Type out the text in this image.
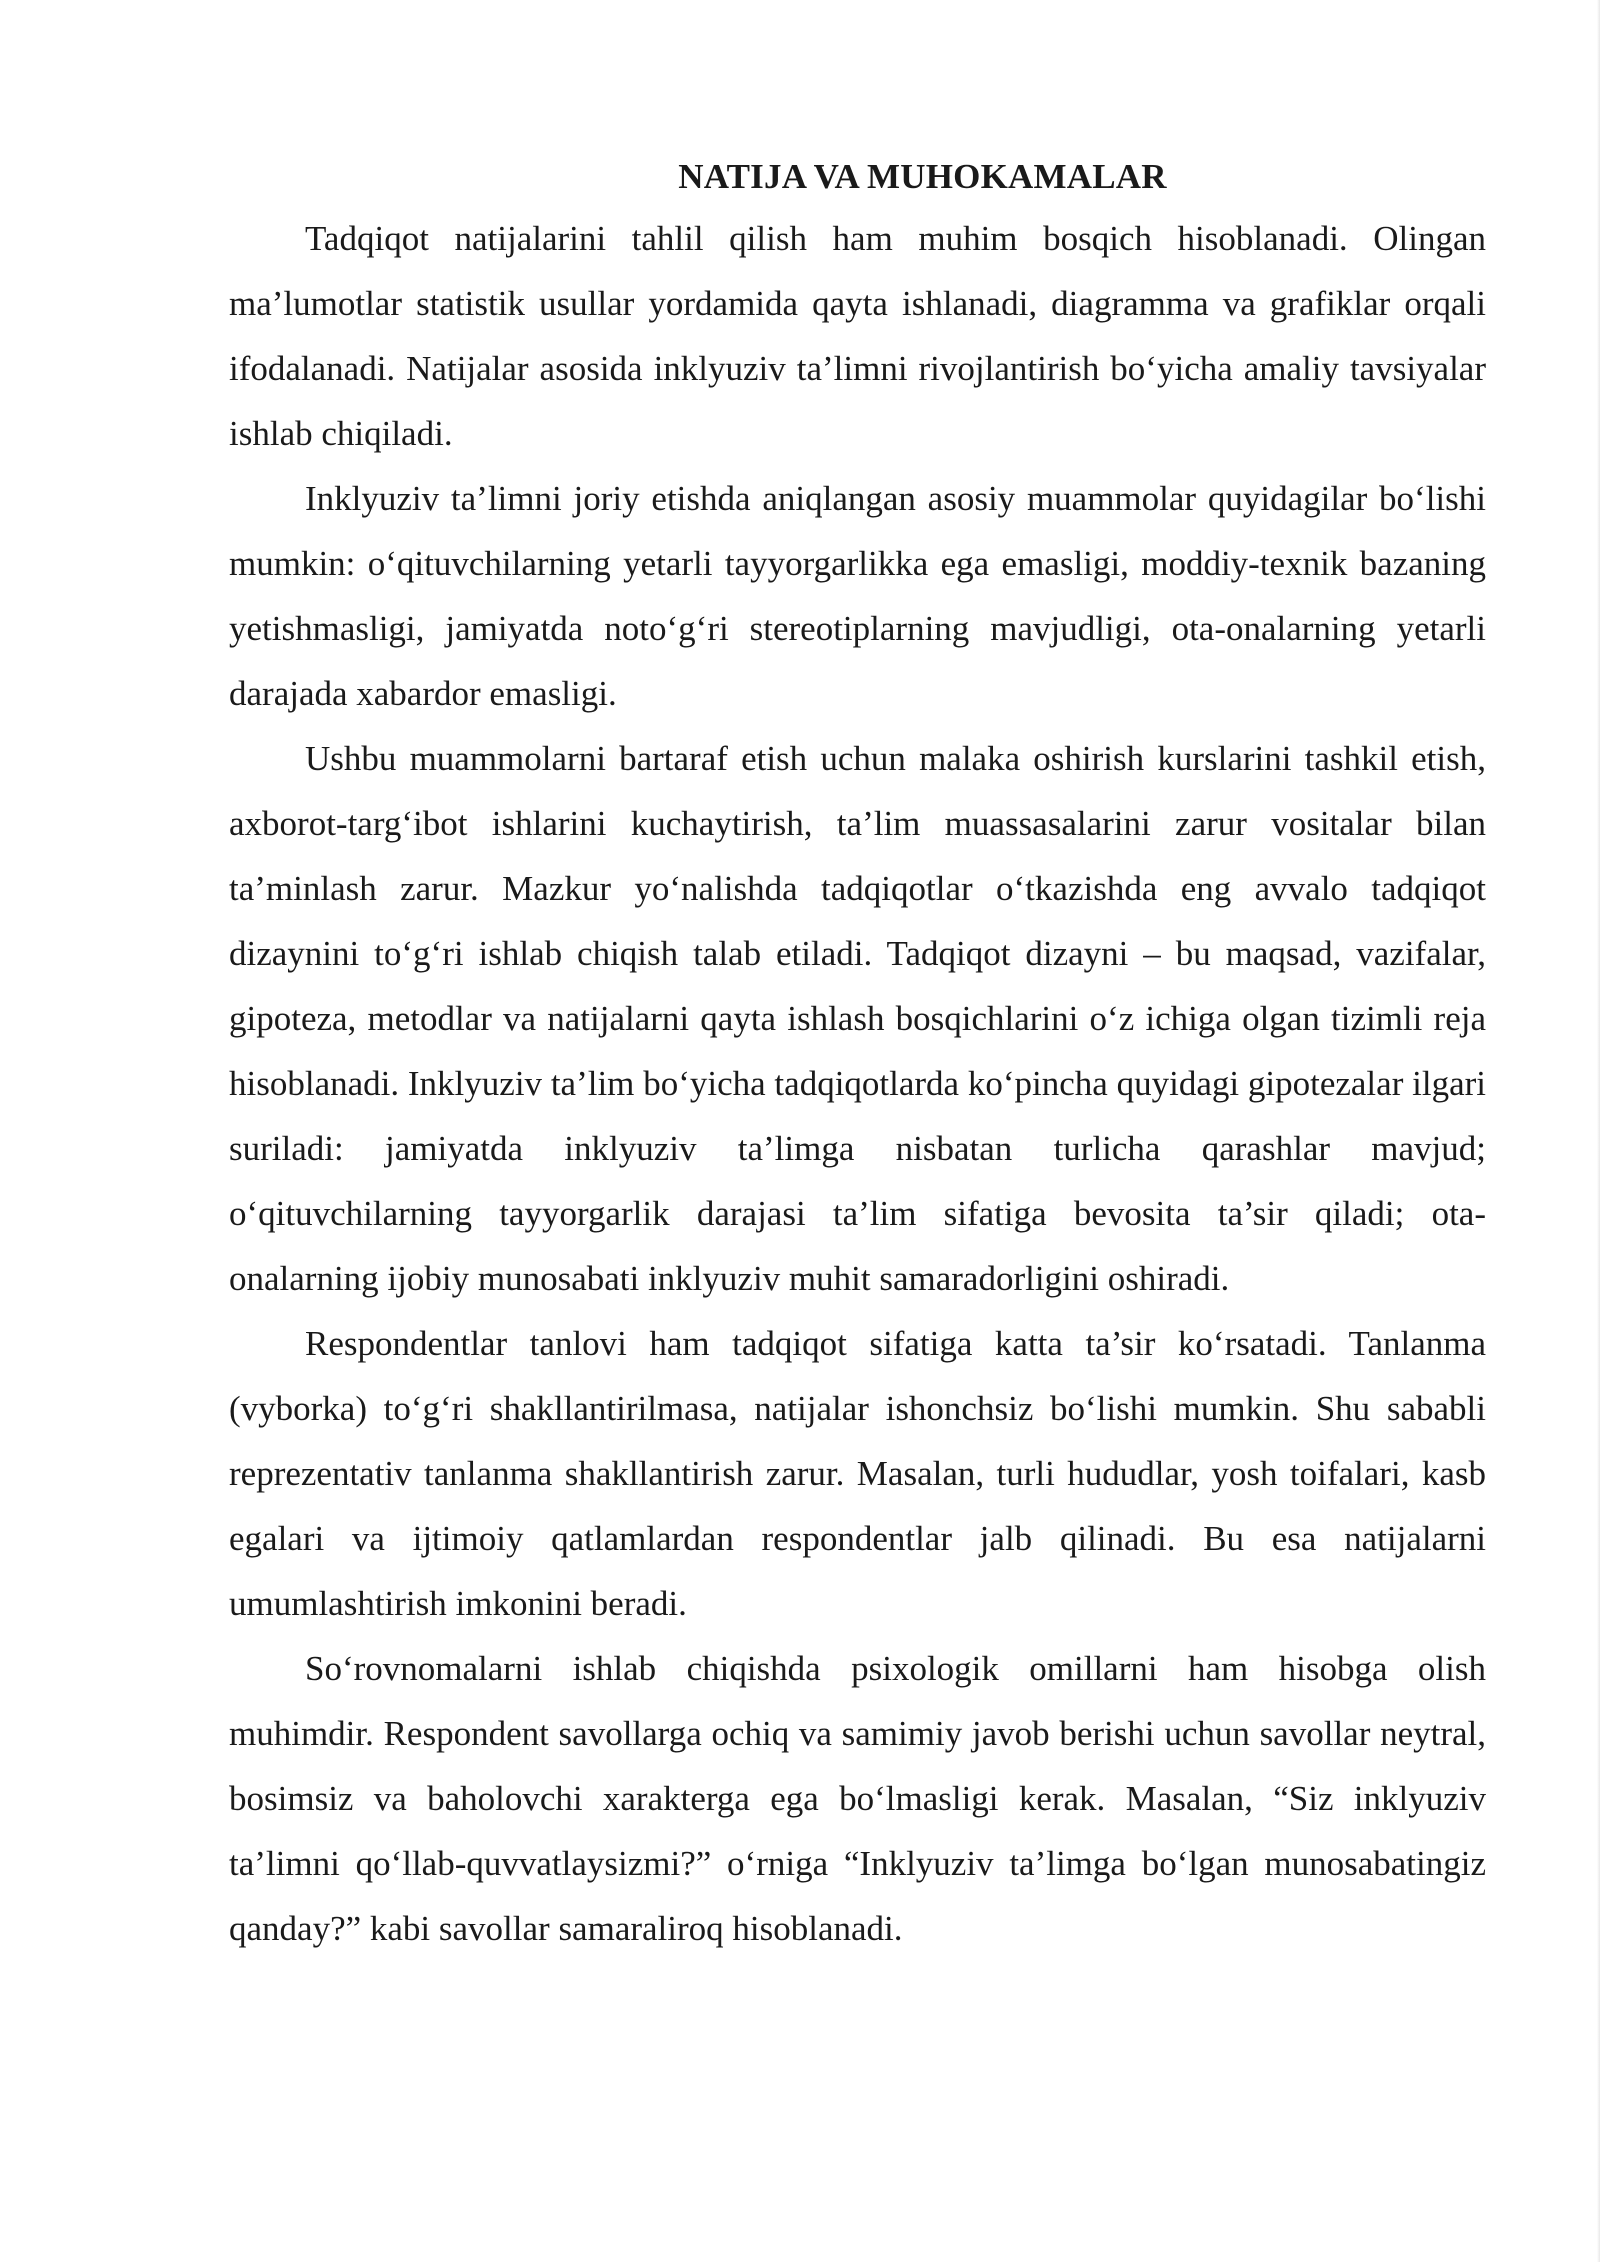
NATIJA VA MUHOKAMALAR

Tadqiqot natijalarini tahlil qilish ham muhim bosqich hisoblanadi. Olingan ma’lumotlar statistik usullar yordamida qayta ishlanadi, diagramma va grafiklar orqali ifodalanadi. Natijalar asosida inklyuziv ta’limni rivojlantirish bo‘yicha amaliy tavsiyalar ishlab chiqiladi.

Inklyuziv ta’limni joriy etishda aniqlangan asosiy muammolar quyidagilar bo‘lishi mumkin: o‘qituvchilarning yetarli tayyorgarlikka ega emasligi, moddiy-texnik bazaning yetishmasligi, jamiyatda noto‘g‘ri stereotiplarning mavjudligi, ota-onalarning yetarli darajada xabardor emasligi.

Ushbu muammolarni bartaraf etish uchun malaka oshirish kurslarini tashkil etish, axborot-targ‘ibot ishlarini kuchaytirish, ta’lim muassasalarini zarur vositalar bilan ta’minlash zarur. Mazkur yo‘nalishda tadqiqotlar o‘tkazishda eng avvalo tadqiqot dizaynini to‘g‘ri ishlab chiqish talab etiladi. Tadqiqot dizayni – bu maqsad, vazifalar, gipoteza, metodlar va natijalarni qayta ishlash bosqichlarini o‘z ichiga olgan tizimli reja hisoblanadi. Inklyuziv ta’lim bo‘yicha tadqiqotlarda ko‘pincha quyidagi gipotezalar ilgari suriladi: jamiyatda inklyuziv ta’limga nisbatan turlicha qarashlar mavjud; o‘qituvchilarning tayyorgarlik darajasi ta’lim sifatiga bevosita ta’sir qiladi; ota-onalarning ijobiy munosabati inklyuziv muhit samaradorligini oshiradi.

Respondentlar tanlovi ham tadqiqot sifatiga katta ta’sir ko‘rsatadi. Tanlanma (vyborka) to‘g‘ri shakllantirilmasa, natijalar ishonchsiz bo‘lishi mumkin. Shu sababli reprezentativ tanlanma shakllantirish zarur. Masalan, turli hududlar, yosh toifalari, kasb egalari va ijtimoiy qatlamlardan respondentlar jalb qilinadi. Bu esa natijalarni umumlashtirish imkonini beradi.

So‘rovnomalarni ishlab chiqishda psixologik omillarni ham hisobga olish muhimdir. Respondent savollarga ochiq va samimiy javob berishi uchun savollar neytral, bosimsiz va baholovchi xarakterga ega bo‘lmasligi kerak. Masalan, “Siz inklyuziv ta’limni qo‘llab-quvvatlaysizmi?” o‘rniga “Inklyuziv ta’limga bo‘lgan munosabatingiz qanday?” kabi savollar samaraliroq hisoblanadi.
